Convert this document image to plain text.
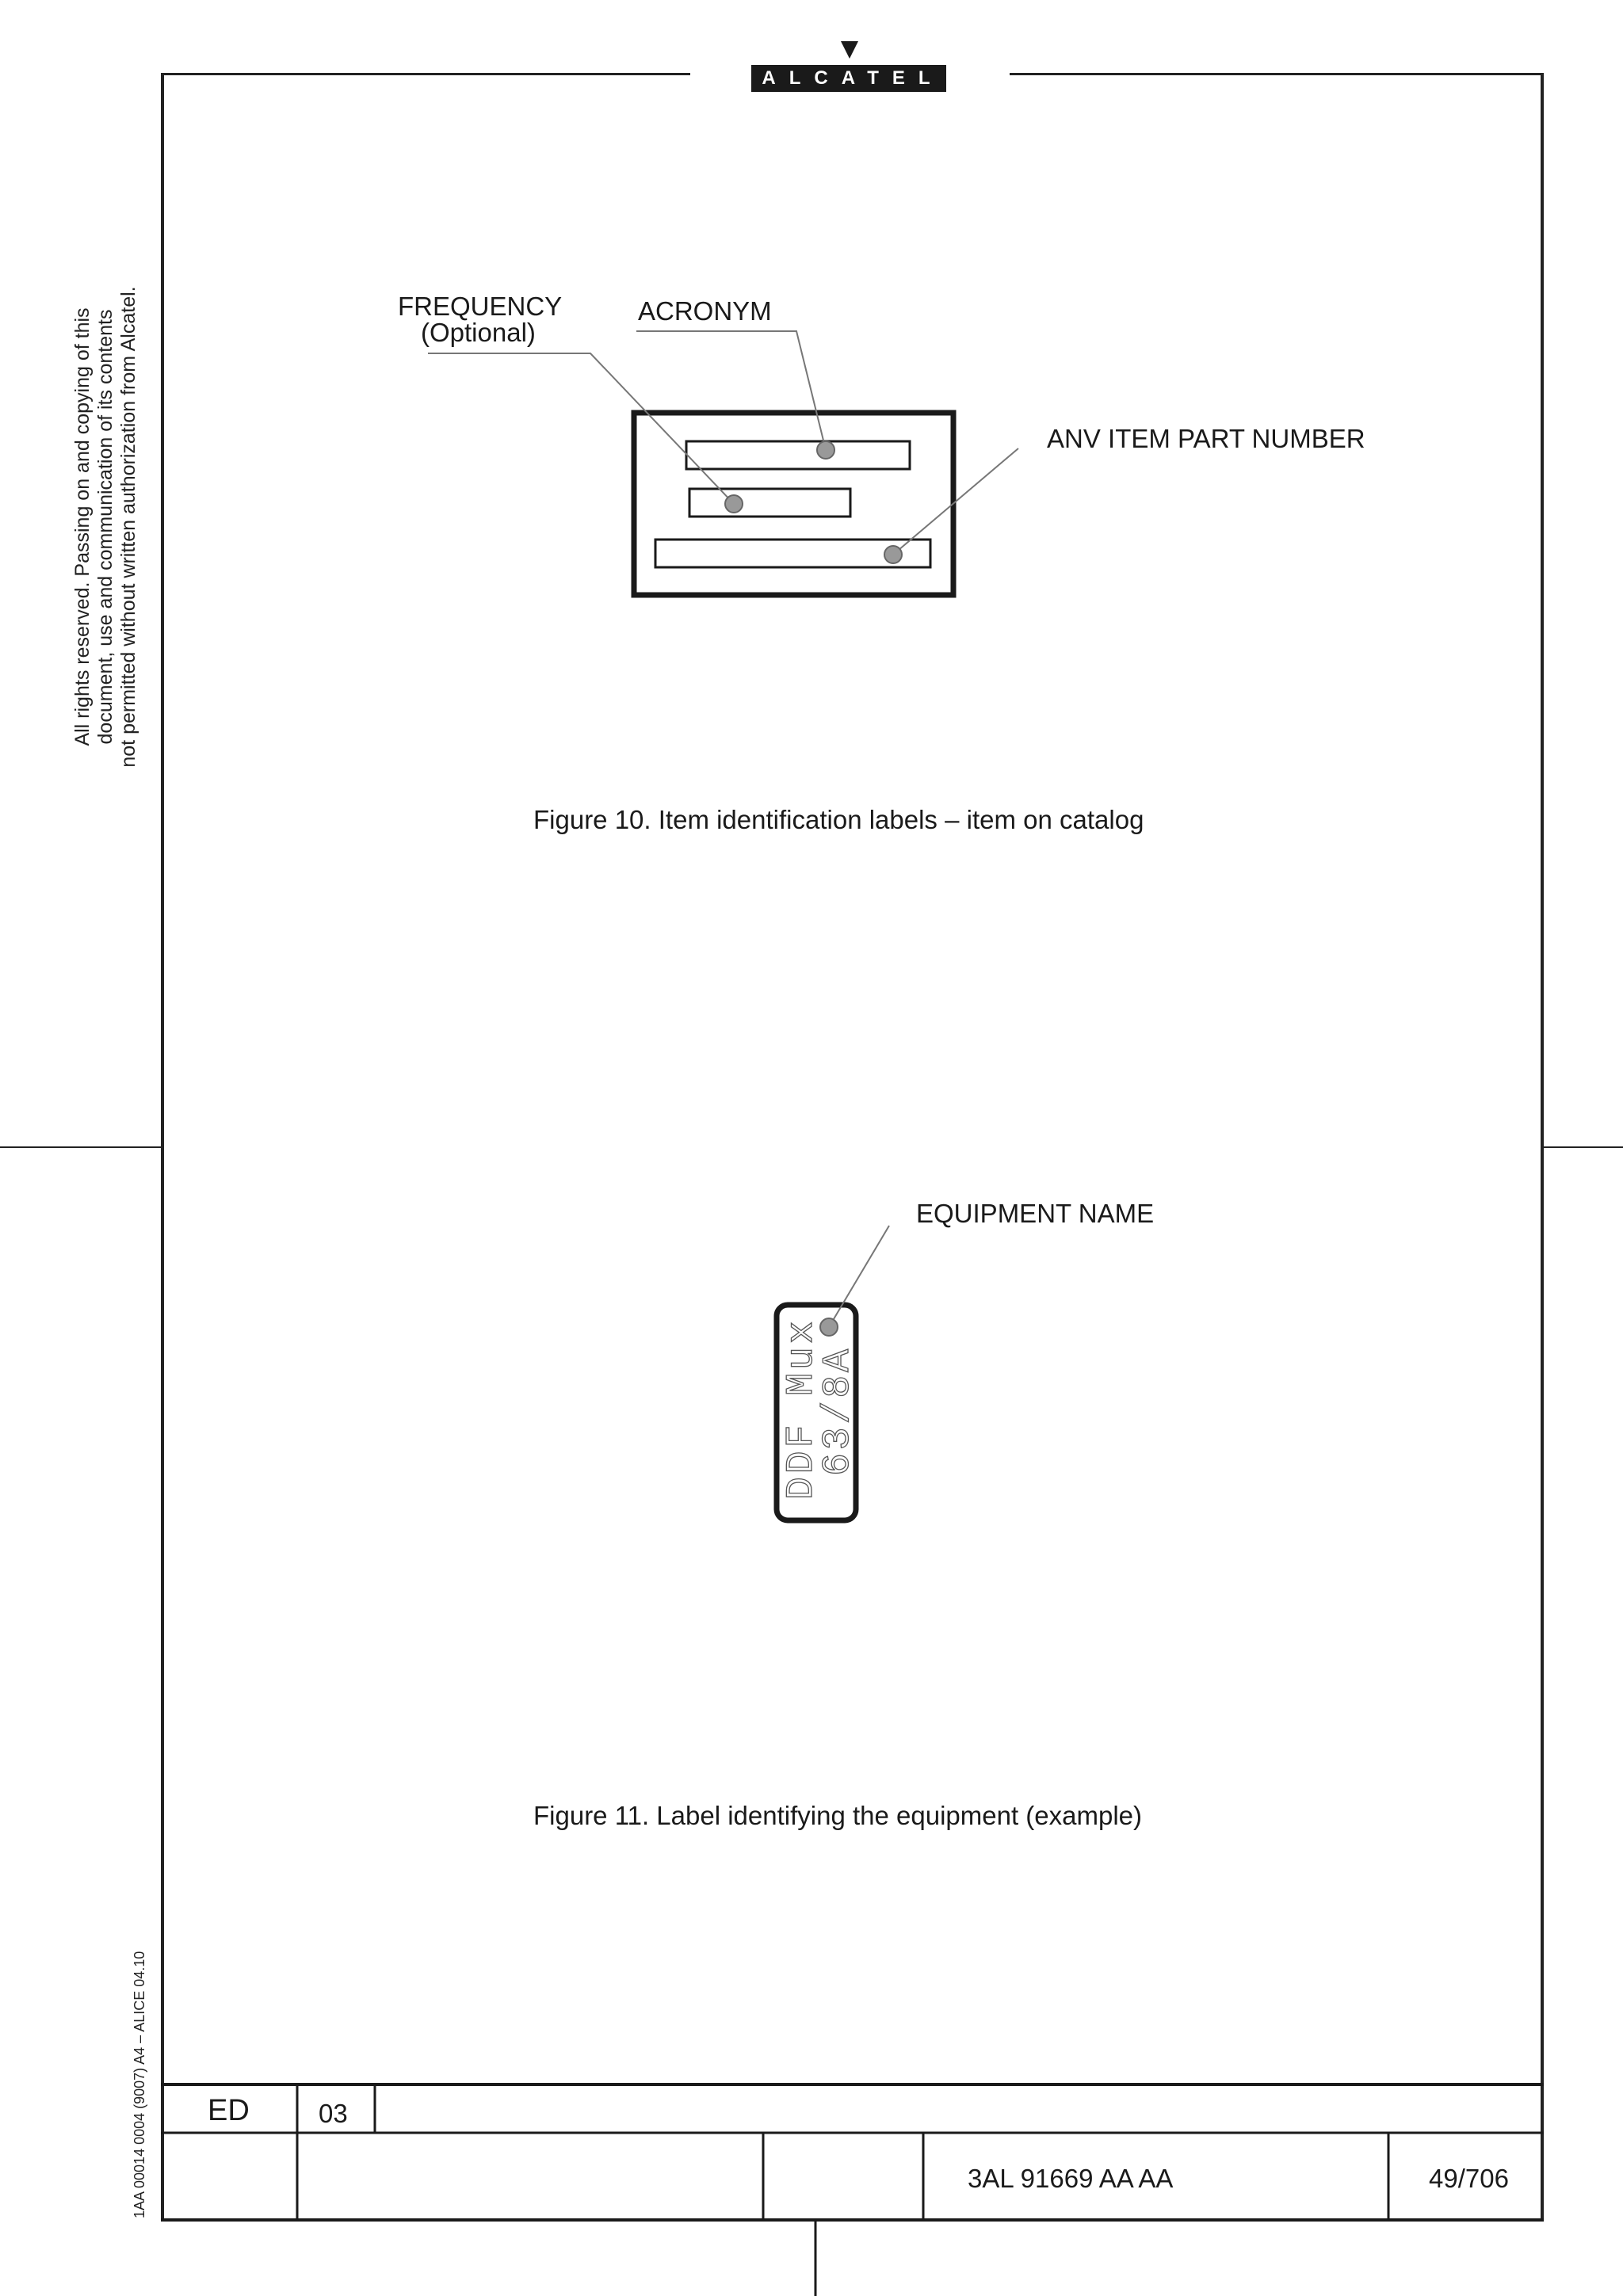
ALCATEL
All rights reserved. Passing on and copying of this document, use and communication of its contents not permitted without written authorization from Alcatel.
1AA 00014 0004 (9007) A4 – ALICE 04.10
DDF Mux
63/8A
FREQUENCY
(Optional)
ACRONYM
ANV ITEM PART NUMBER
Figure 10. Item identification labels – item on catalog
EQUIPMENT NAME
Figure 11. Label identifying the equipment (example)
ED	03
3AL 91669 AA AA	49/706
